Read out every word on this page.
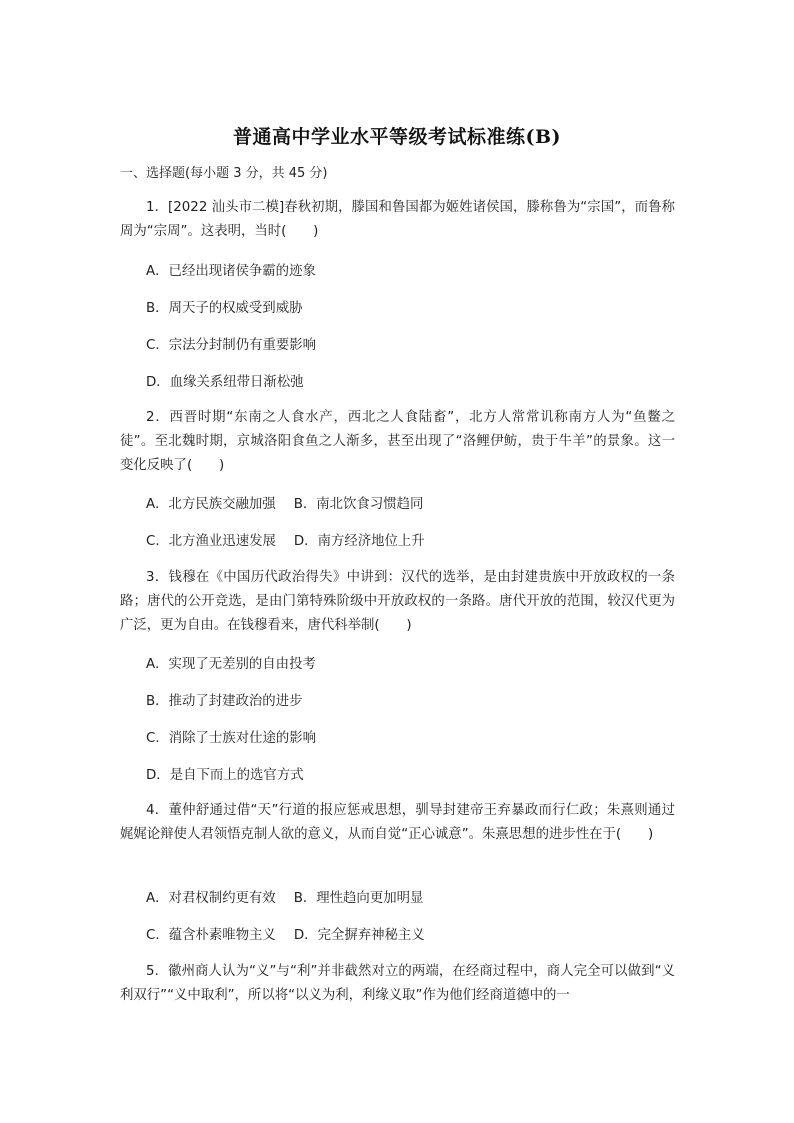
普通高中学业水平等级考试标准练(B)
一、选择题(每小题 3 分，共 45 分)
1．[2022 汕头市二模]春秋初期，滕国和鲁国都为姬姓诸侯国，滕称鲁为“宗国”，而鲁称周为“宗周”。这表明，当时(　　)
A．已经出现诸侯争霸的迹象
B．周天子的权威受到威胁
C．宗法分封制仍有重要影响
D．血缘关系纽带日渐松弛
2．西晋时期“东南之人食水产，西北之人食陆畜”，北方人常常讥称南方人为“鱼鳖之徒”。至北魏时期，京城洛阳食鱼之人渐多，甚至出现了“洛鲤伊鲂，贵于牛羊”的景象。这一变化反映了(　　)
A．北方民族交融加强 B．南北饮食习惯趋同
C．北方渔业迅速发展 D．南方经济地位上升
3．钱穆在《中国历代政治得失》中讲到：汉代的选举，是由封建贵族中开放政权的一条路；唐代的公开竞选，是由门第特殊阶级中开放政权的一条路。唐代开放的范围，较汉代更为广泛，更为自由。在钱穆看来，唐代科举制(　　)
A．实现了无差别的自由投考
B．推动了封建政治的进步
C．消除了士族对仕途的影响
D．是自下而上的选官方式
4．董仲舒通过借“天”行道的报应惩戒思想，驯导封建帝王弃暴政而行仁政；朱熹则通过娓娓论辩使人君领悟克制人欲的意义，从而自觉“正心诚意”。朱熹思想的进步性在于(　　)
A．对君权制约更有效 B．理性趋向更加明显
C．蕴含朴素唯物主义 D．完全摒弃神秘主义
5．徽州商人认为“义”与“利”并非截然对立的两端，在经商过程中，商人完全可以做到“义利双行”“义中取利”，所以将“以义为利，利缘义取”作为他们经商道德中的一
